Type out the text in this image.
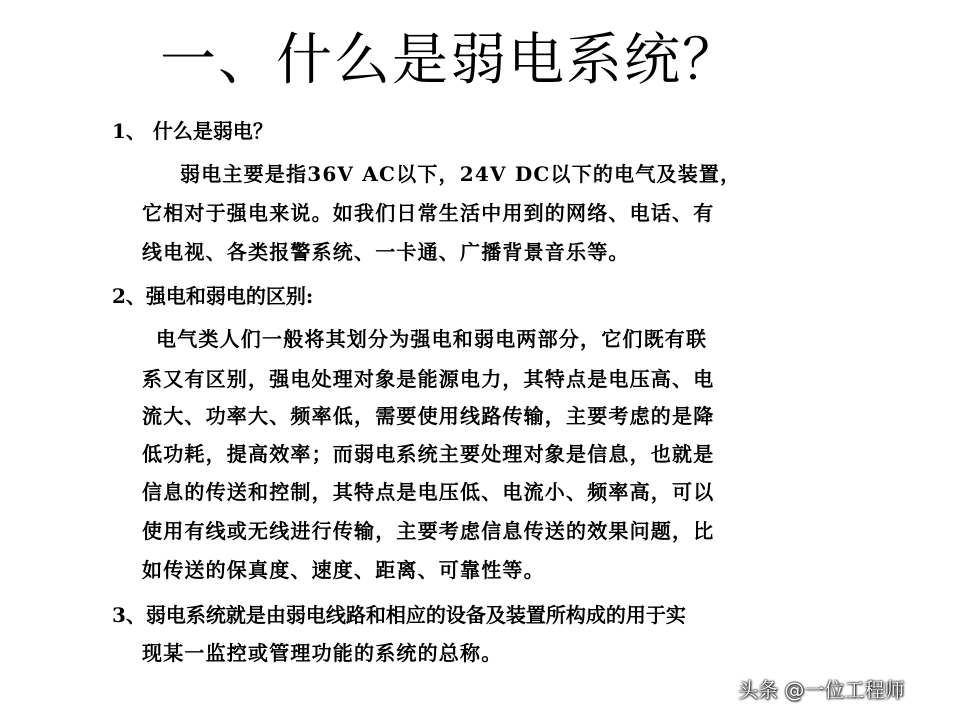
一、什么是弱电系统？
1、 什么是弱电？
弱电主要是指36V AC以下，24V DC以下的电气及装置，
它相对于强电来说。如我们日常生活中用到的网络、电话、有
线电视、各类报警系统、一卡通、广播背景音乐等。
2、强电和弱电的区别:
电气类人们一般将其划分为强电和弱电两部分，它们既有联
系又有区别，强电处理对象是能源电力，其特点是电压高、电
流大、功率大、频率低，需要使用线路传输，主要考虑的是降
低功耗，提高效率；而弱电系统主要处理对象是信息，也就是
信息的传送和控制，其特点是电压低、电流小、频率高，可以
使用有线或无线进行传输，主要考虑信息传送的效果问题，比
如传送的保真度、速度、距离、可靠性等。
3、弱电系统就是由弱电线路和相应的设备及装置所构成的用于实
现某一监控或管理功能的系统的总称。
头条 @一位工程师
